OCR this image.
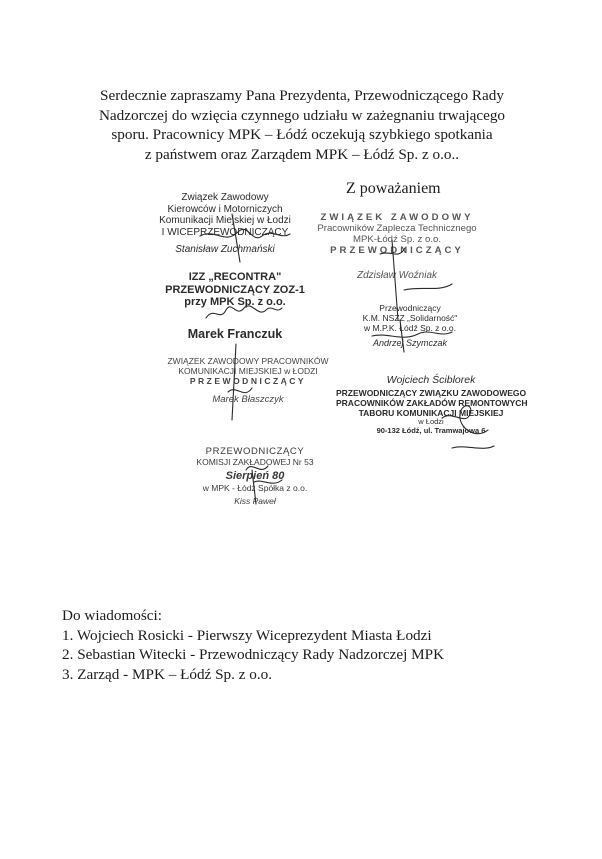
Serdecznie zapraszamy Pana Prezydenta, Przewodniczącego Rady
Nadzorczej do wzięcia czynnego udziału w zażegnaniu trwającego
sporu. Pracownicy MPK – Łódź oczekują szybkiego spotkania
z państwem oraz Zarządem MPK – Łódź Sp. z o.o..
Z poważaniem
Związek Zawodowy
Kierowców i Motorniczych
Komunikacji Miejskiej w Łodzi
I WICEPRZEWODNICZĄCY
Stanisław Zuchmański
ZWIĄZEK ZAWODOWY
Pracowników Zaplecza Technicznego
MPK-Łódź Sp. z o.o.
PRZEWODNICZĄCY
Zdzisław Woźniak
IZZ „RECONTRA"
PRZEWODNICZĄCY ZOZ-1
przy MPK Sp. z o.o.
Marek Franczuk
Przewodniczący
K.M. NSZZ „Solidarność"
w M.P.K. Łódź Sp. z o.o.
Andrzej Szymczak
ZWIĄZEK ZAWODOWY PRACOWNIKÓW
KOMUNIKACJI MIEJSKIEJ w ŁODZI
PRZEWODNICZĄCY
Marek Błaszczyk
Wojciech Ściblorek
PRZEWODNICZĄCY ZWIĄZKU ZAWODOWEGO
PRACOWNIKÓW ZAKŁADÓW REMONTOWYCH
TABORU KOMUNIKACJI MIEJSKIEJ
w Łodzi
90-132 Łódź, ul. Tramwajowa 6
PRZEWODNICZĄCY
KOMISJI ZAKŁADOWEJ Nr 53
Sierpień 80
w MPK - Łódź Spółka z o.o.
Kiss Paweł
Do wiadomości:
1. Wojciech Rosicki - Pierwszy Wiceprezydent Miasta Łodzi
2. Sebastian Witecki - Przewodniczący Rady Nadzorczej MPK
3. Zarząd - MPK – Łódź Sp. z o.o.
